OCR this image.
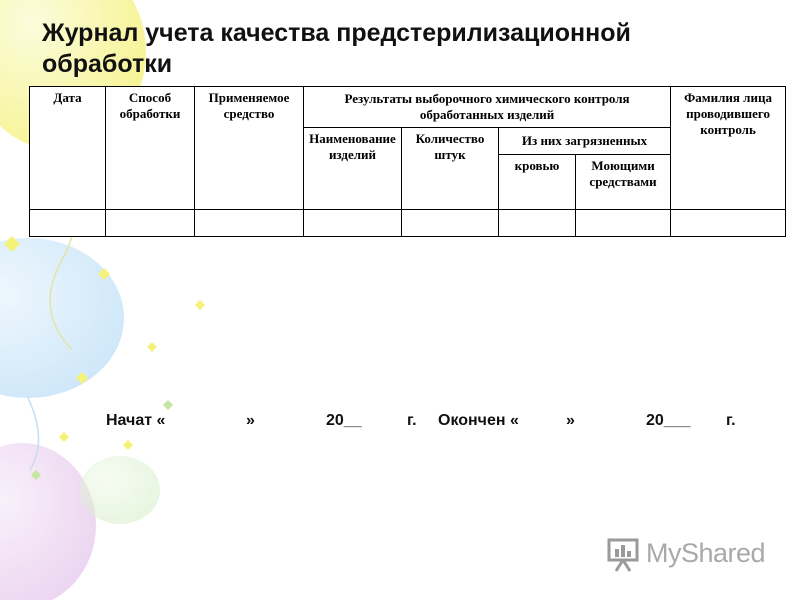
Журнал учета качества предстерилизационной обработки
Дата	Способ обработки	Применяемое средство	Результаты выборочного химического контроля обработанных изделий				Фамилия лица проводившего контроль
			Наименование изделий	Количество штук	Из них загрязненных		
					кровью	Моющими средствами	

Начат «	»	20__	г. Окончен «	»	20___ г.
MyShared
